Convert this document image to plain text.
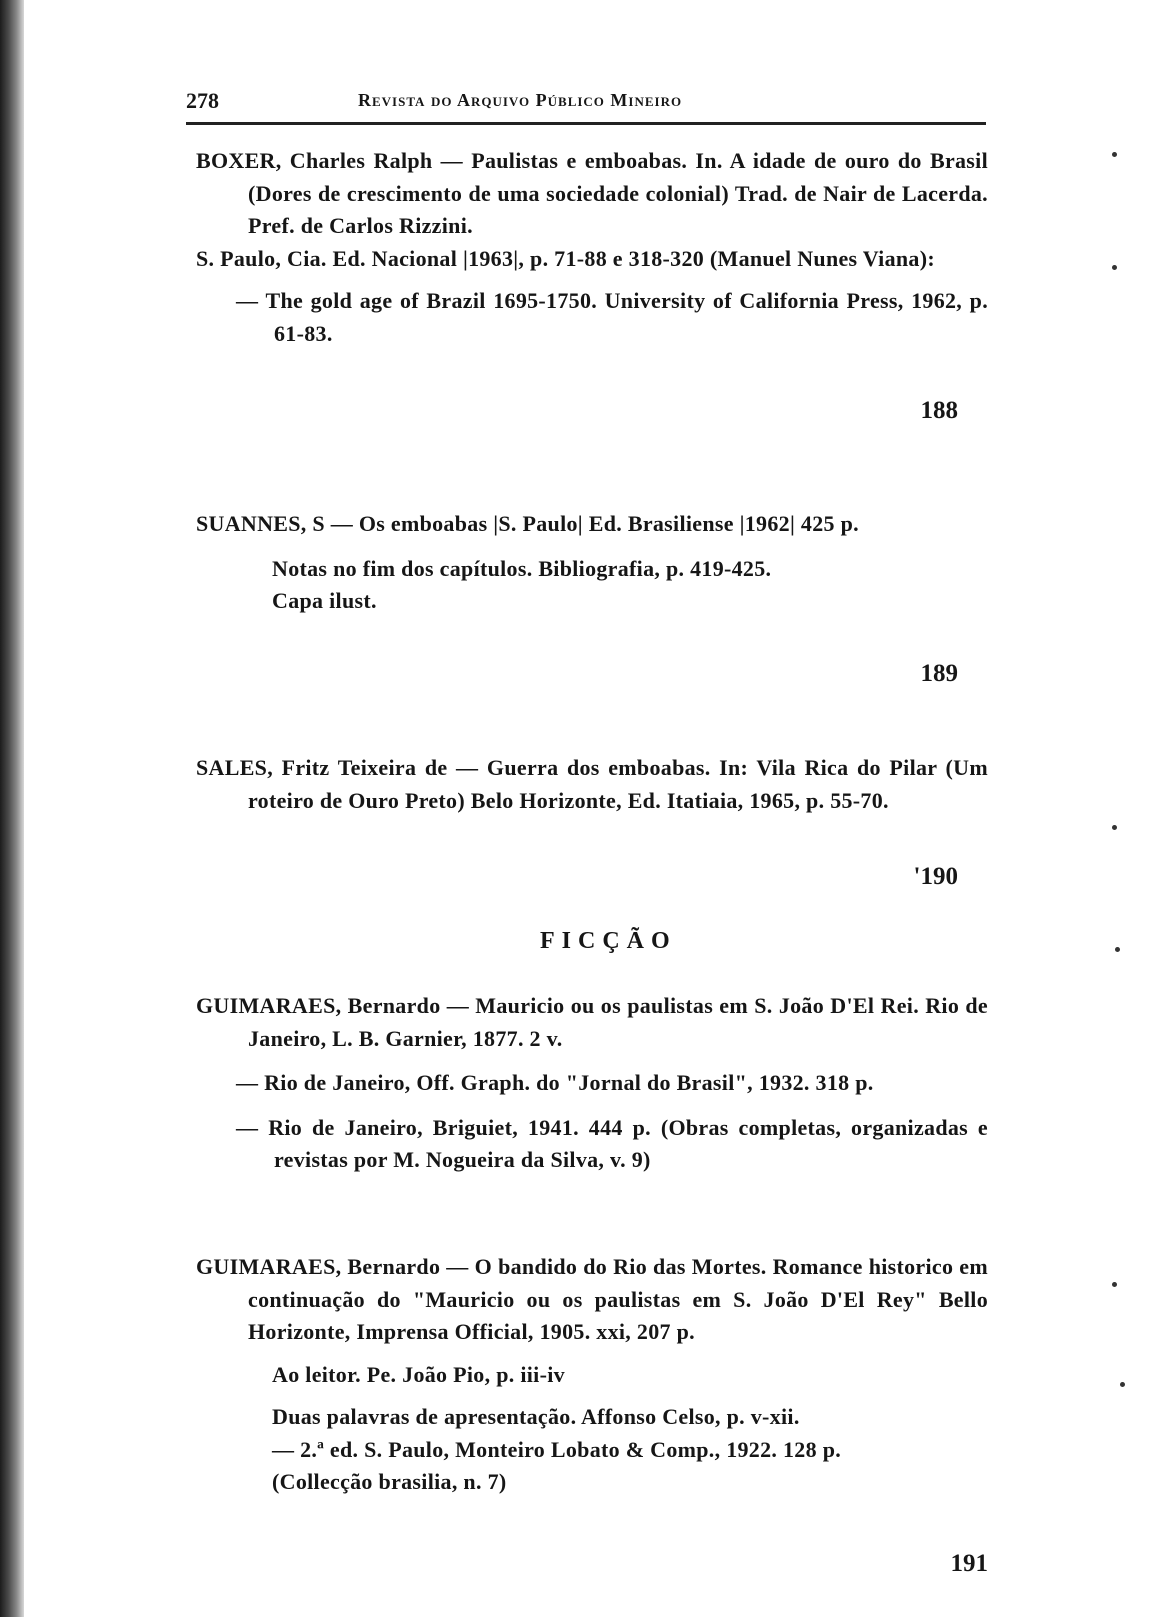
278	Revista do Arquivo Público Mineiro
BOXER, Charles Ralph — Paulistas e emboabas. In. A idade de ouro do Brasil (Dores de crescimento de uma sociedade colonial) Trad. de Nair de Lacerda. Pref. de Carlos Rizzini.
S. Paulo, Cia. Ed. Nacional |1963|, p. 71-88 e 318-320 (Manuel Nunes Viana):
— The gold age of Brazil 1695-1750. University of California Press, 1962, p. 61-83.
188
SUANNES, S — Os emboabas |S. Paulo| Ed. Brasiliense |1962| 425 p.
Notas no fim dos capítulos. Bibliografia, p. 419-425.
Capa ilust.
189
SALES, Fritz Teixeira de — Guerra dos emboabas. In: Vila Rica do Pilar (Um roteiro de Ouro Preto) Belo Horizonte, Ed. Itatiaia, 1965, p. 55-70.
'190
FICÇÃO
GUIMARAES, Bernardo — Mauricio ou os paulistas em S. João D'El Rei. Rio de Janeiro, L. B. Garnier, 1877. 2 v.
— Rio de Janeiro, Off. Graph. do "Jornal do Brasil", 1932. 318 p.
— Rio de Janeiro, Briguiet, 1941. 444 p. (Obras completas, organizadas e revistas por M. Nogueira da Silva, v. 9)
GUIMARAES, Bernardo — O bandido do Rio das Mortes. Romance historico em continuação do "Mauricio ou os paulistas em S. João D'El Rey" Bello Horizonte, Imprensa Official, 1905. xxi, 207 p.
Ao leitor. Pe. João Pio, p. iii-iv
Duas palavras de apresentação. Affonso Celso, p. v-xii.
— 2.ª ed. S. Paulo, Monteiro Lobato & Comp., 1922. 128 p.
(Collecção brasilia, n. 7)
191
